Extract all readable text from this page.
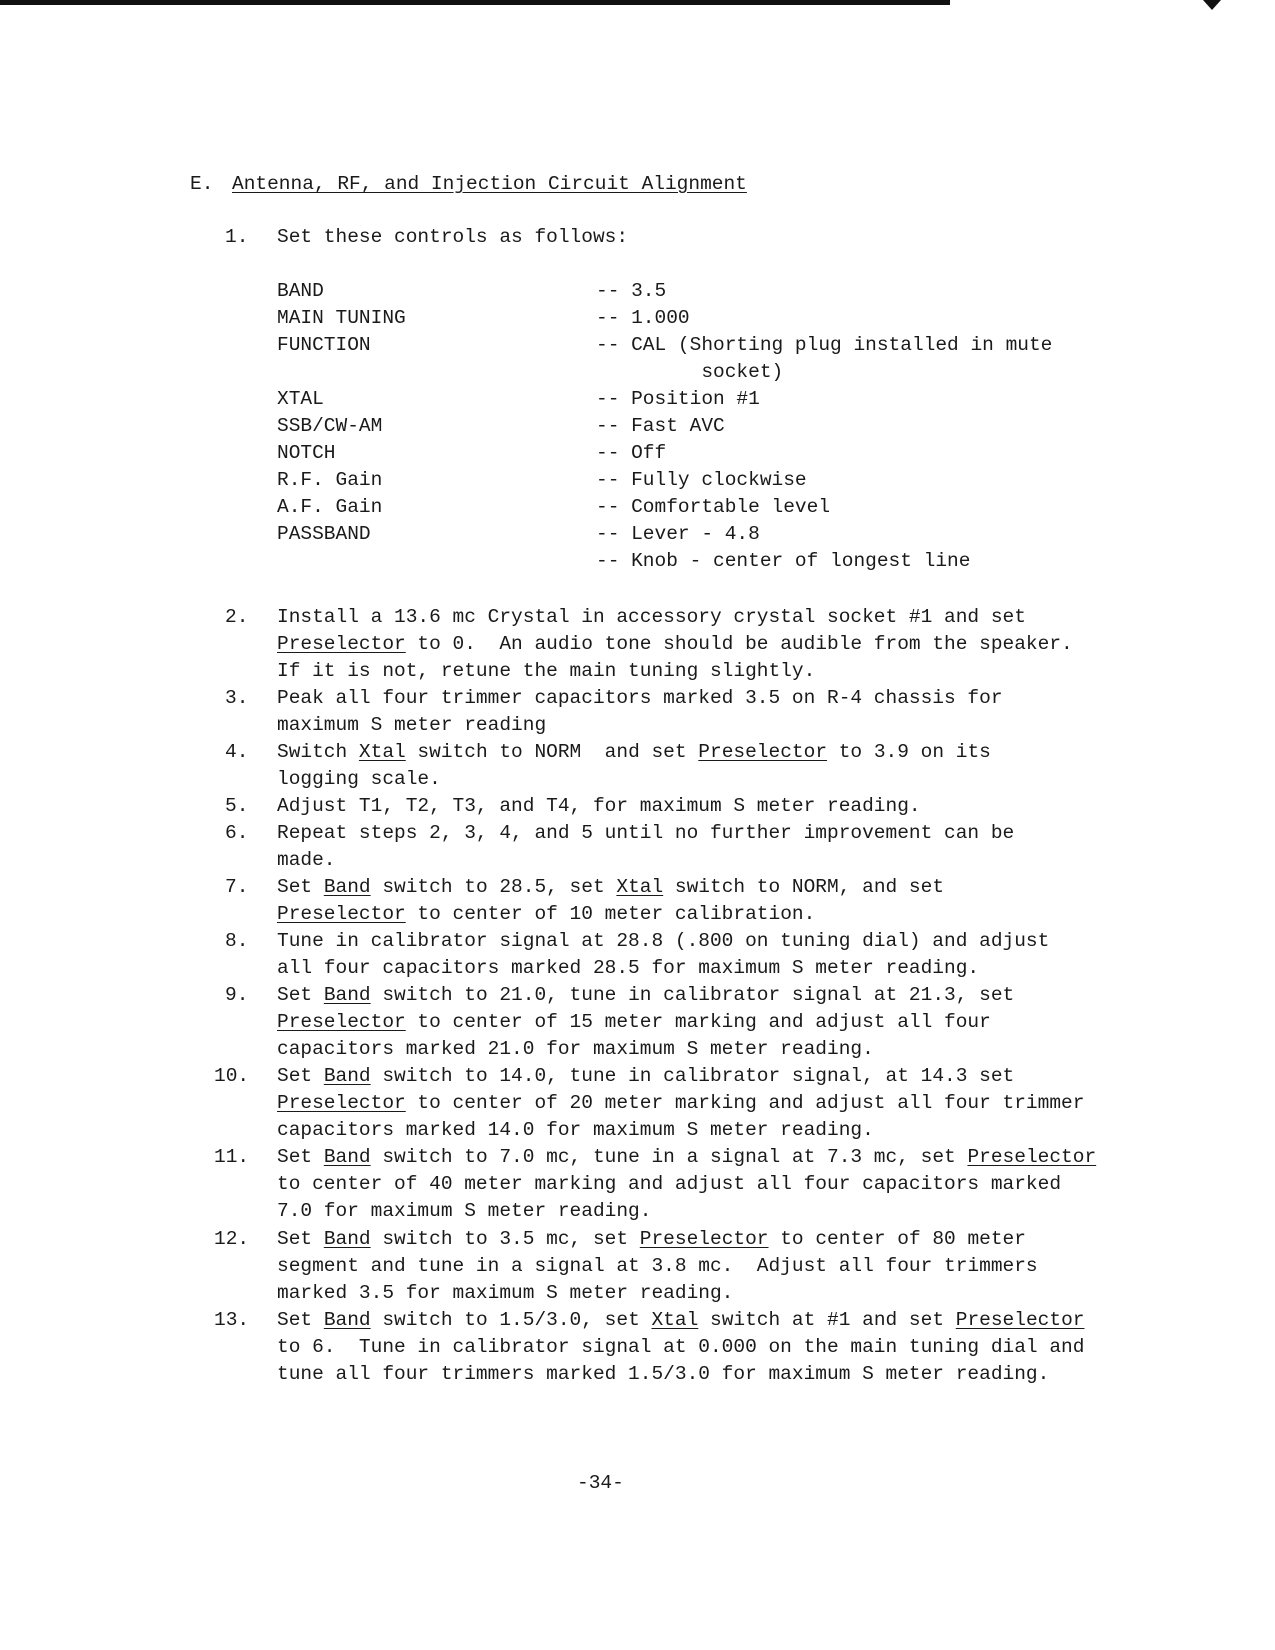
E. Antenna, RF, and Injection Circuit Alignment
1. Set these controls as follows:
BAND	-- 3.5
MAIN TUNING	-- 1.000
FUNCTION	-- CAL (Shorting plug installed in mute
socket)
XTAL	-- Position #1
SSB/CW-AM	-- Fast AVC
NOTCH	-- Off
R.F. Gain	-- Fully clockwise
A.F. Gain	-- Comfortable level
PASSBAND	-- Lever - 4.8
-- Knob - center of longest line
2. Install a 13.6 mc Crystal in accessory crystal socket #1 and set
Preselector to 0.  An audio tone should be audible from the speaker.
If it is not, retune the main tuning slightly.
3. Peak all four trimmer capacitors marked 3.5 on R-4 chassis for
maximum S meter reading
4. Switch Xtal switch to NORM  and set Preselector to 3.9 on its
logging scale.
5. Adjust T1, T2, T3, and T4, for maximum S meter reading.
6. Repeat steps 2, 3, 4, and 5 until no further improvement can be
made.
7. Set Band switch to 28.5, set Xtal switch to NORM, and set
Preselector to center of 10 meter calibration.
8. Tune in calibrator signal at 28.8 (.800 on tuning dial) and adjust
all four capacitors marked 28.5 for maximum S meter reading.
9. Set Band switch to 21.0, tune in calibrator signal at 21.3, set
Preselector to center of 15 meter marking and adjust all four
capacitors marked 21.0 for maximum S meter reading.
10. Set Band switch to 14.0, tune in calibrator signal, at 14.3 set
Preselector to center of 20 meter marking and adjust all four trimmer
capacitors marked 14.0 for maximum S meter reading.
11. Set Band switch to 7.0 mc, tune in a signal at 7.3 mc, set Preselector
to center of 40 meter marking and adjust all four capacitors marked
7.0 for maximum S meter reading.
12. Set Band switch to 3.5 mc, set Preselector to center of 80 meter
segment and tune in a signal at 3.8 mc.  Adjust all four trimmers
marked 3.5 for maximum S meter reading.
13. Set Band switch to 1.5/3.0, set Xtal switch at #1 and set Preselector
to 6.  Tune in calibrator signal at 0.000 on the main tuning dial and
tune all four trimmers marked 1.5/3.0 for maximum S meter reading.
-34-
